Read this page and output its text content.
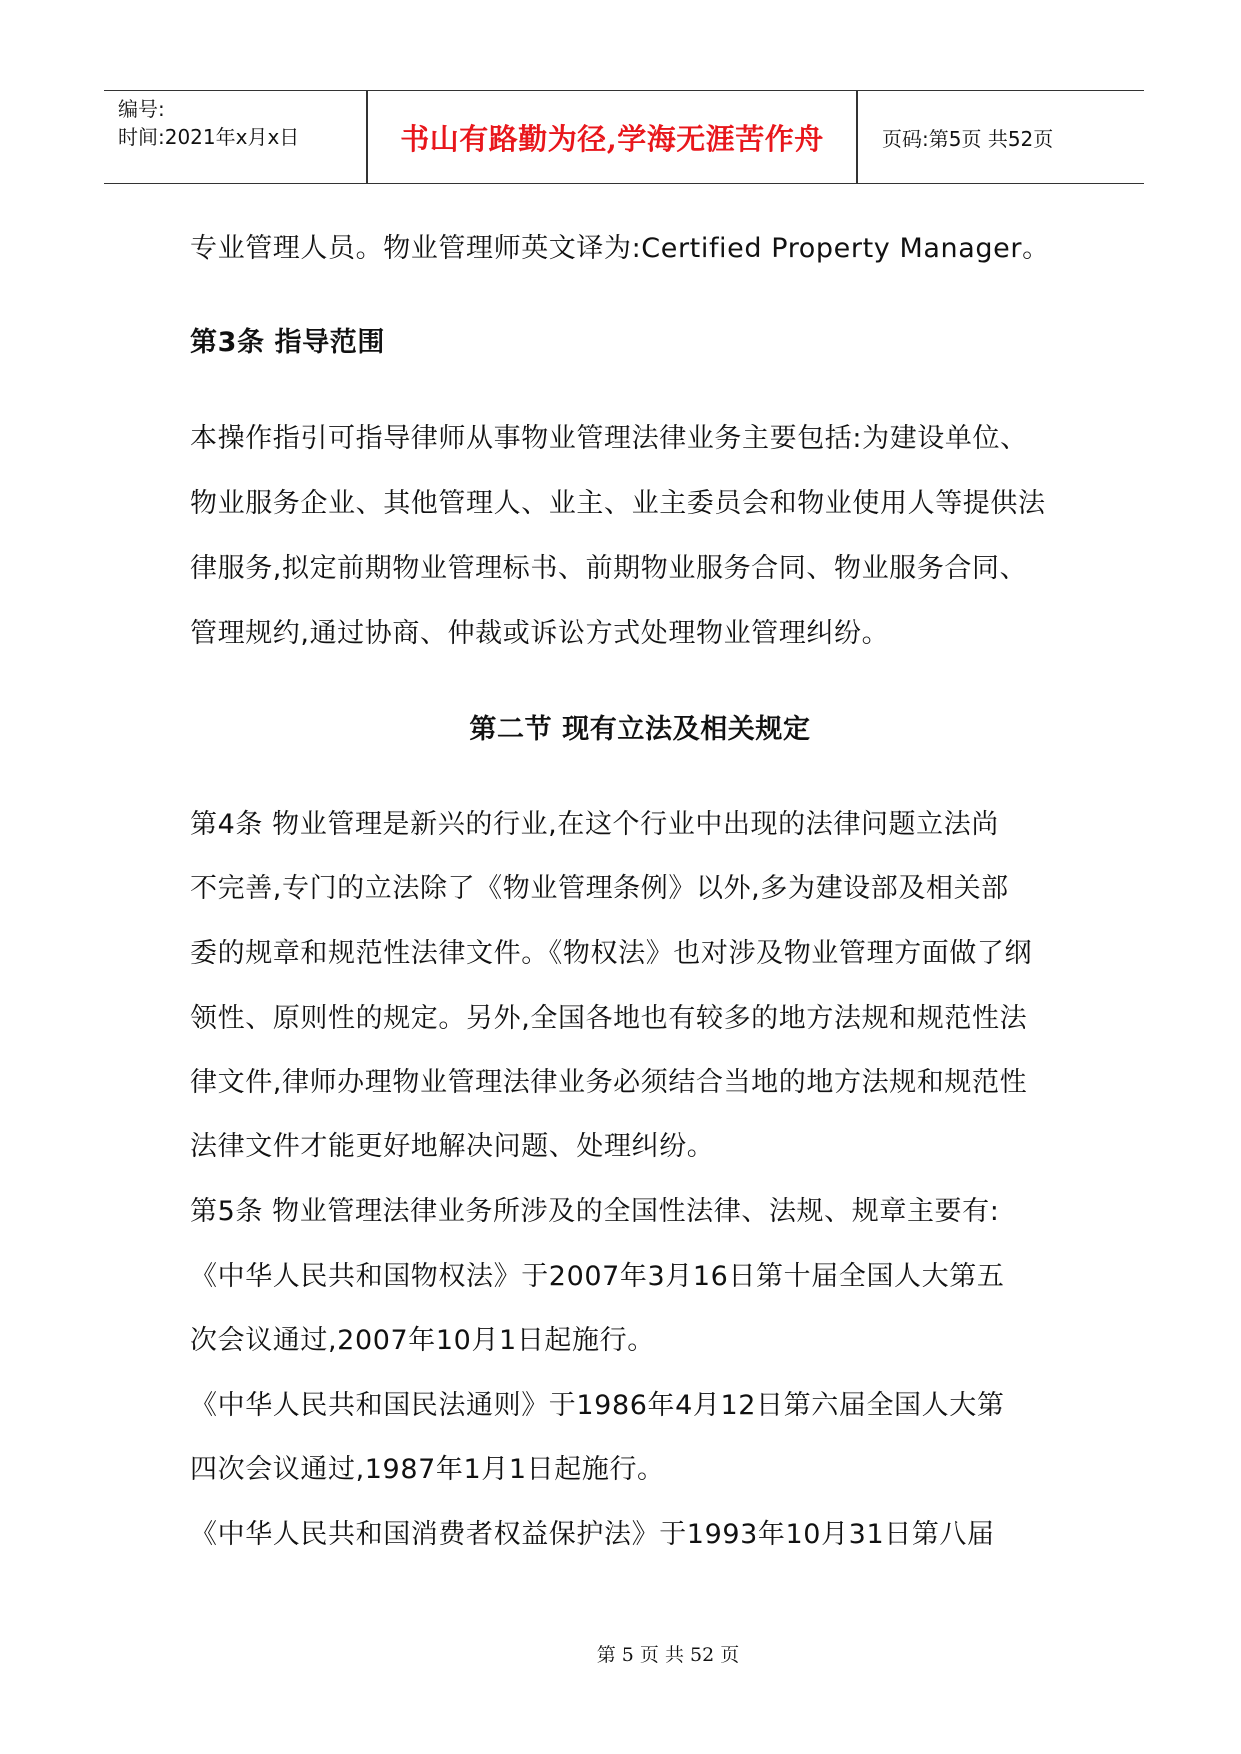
编号:
时间:2021年x月x日	书山有路勤为径,学海无涯苦作舟	页码:第5页 共52页
专业管理人员。物业管理师英文译为:Certified Property Manager。
第3条 指导范围
本操作指引可指导律师从事物业管理法律业务主要包括:为建设单位、
物业服务企业、其他管理人、业主、业主委员会和物业使用人等提供法
律服务,拟定前期物业管理标书、前期物业服务合同、物业服务合同、
管理规约,通过协商、仲裁或诉讼方式处理物业管理纠纷。
第二节 现有立法及相关规定
第4条 物业管理是新兴的行业,在这个行业中出现的法律问题立法尚
不完善,专门的立法除了《物业管理条例》以外,多为建设部及相关部
委的规章和规范性法律文件。《物权法》也对涉及物业管理方面做了纲
领性、原则性的规定。另外,全国各地也有较多的地方法规和规范性法
律文件,律师办理物业管理法律业务必须结合当地的地方法规和规范性
法律文件才能更好地解决问题、处理纠纷。
第5条 物业管理法律业务所涉及的全国性法律、法规、规章主要有:
《中华人民共和国物权法》于2007年3月16日第十届全国人大第五
次会议通过,2007年10月1日起施行。
《中华人民共和国民法通则》于1986年4月12日第六届全国人大第
四次会议通过,1987年1月1日起施行。
《中华人民共和国消费者权益保护法》于1993年10月31日第八届
第 5 页 共 52 页
